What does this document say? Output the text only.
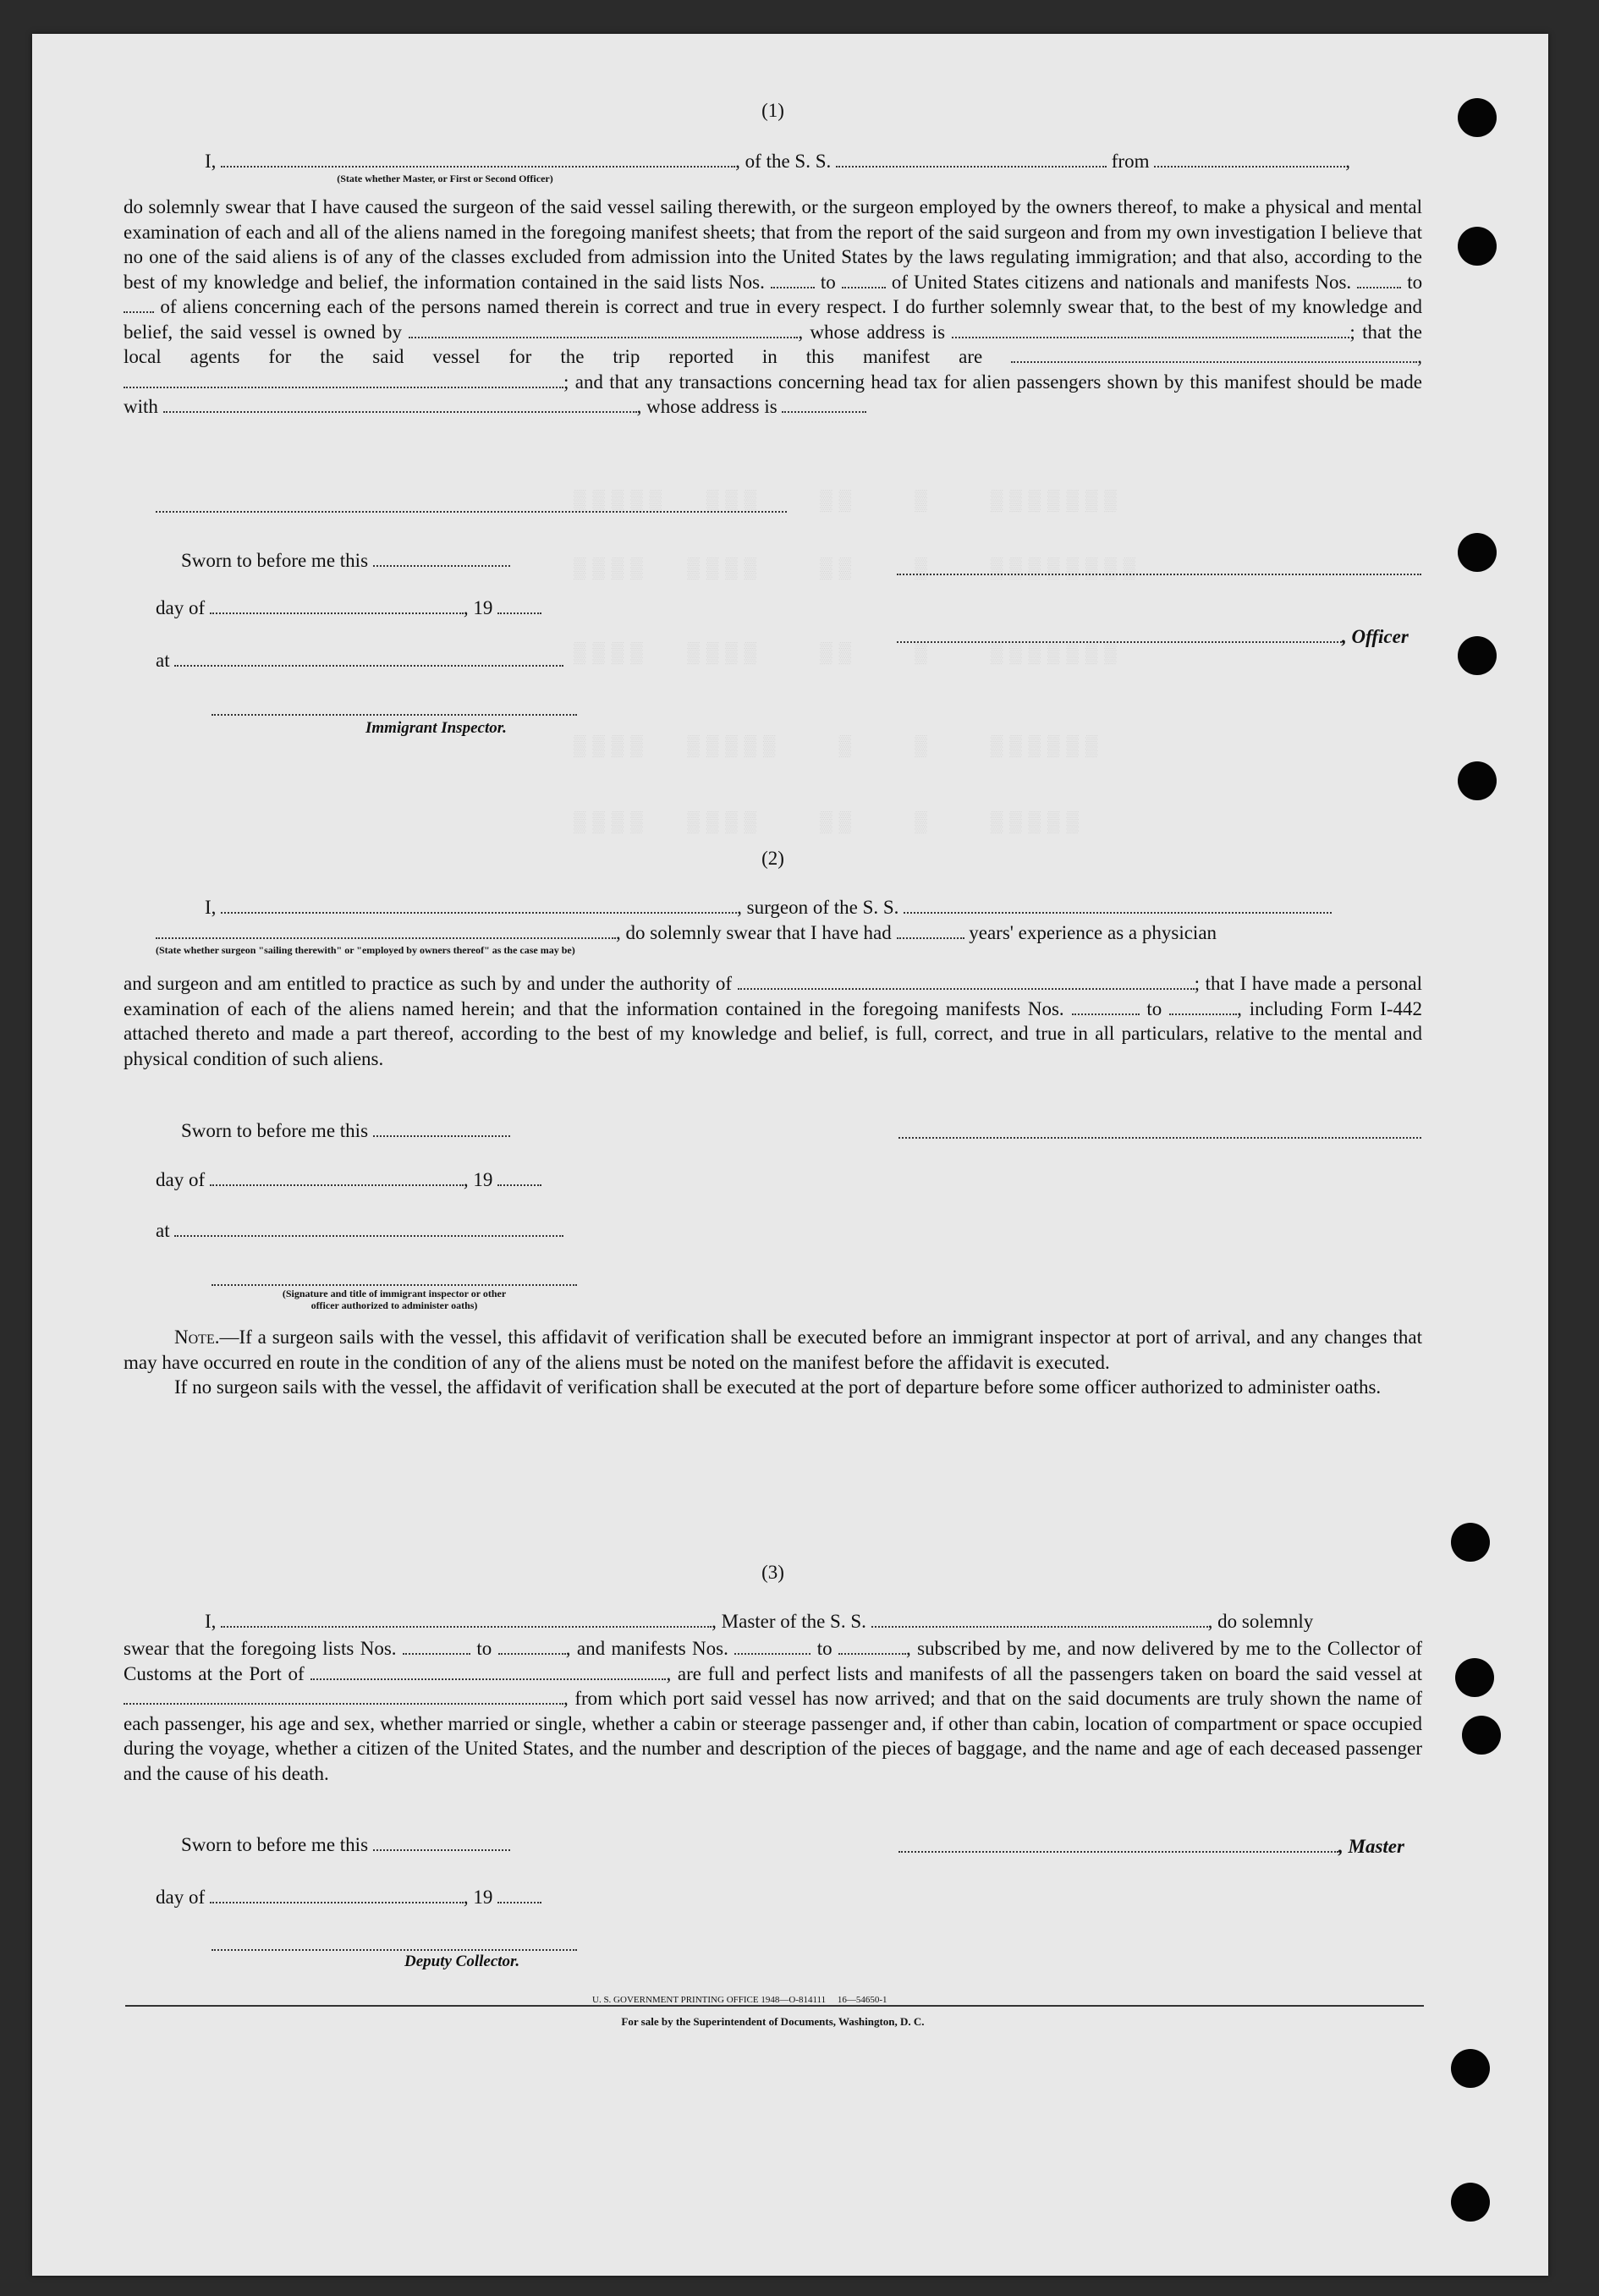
▒▒▒▒▒  ▒▒▒   ▒▒   ▒   ▒▒▒▒▒▒▒
▒▒▒▒  ▒▒▒▒   ▒▒   ▒   ▒▒▒▒▒▒▒▒
▒▒▒▒  ▒▒▒▒   ▒▒   ▒   ▒▒▒▒▒▒▒
▒▒▒▒  ▒▒▒▒▒   ▒   ▒   ▒▒▒▒▒▒
▒▒▒▒  ▒▒▒▒   ▒▒   ▒   ▒▒▒▒▒
(1)
I,	, of the S. S.	from	,
(State whether Master, or First or Second Officer)
do solemnly swear that I have caused the surgeon of the said vessel sailing therewith, or the surgeon employed by the owners thereof, to make a physical and mental examination of each and all of the aliens named in the foregoing manifest sheets; that from the report of the said surgeon and from my own investigation I believe that no one of the said aliens is of any of the classes excluded from admission into the United States by the laws regulating immigration; and that also, according to the best of my knowledge and belief, the information contained in the said lists Nos.	to	of United States citizens and nationals and manifests Nos.	to  of aliens concerning each of the persons named therein is correct and true in every respect. I do further solemnly swear that, to the best of my knowledge and belief, the said vessel is owned by	, whose address is	; that the local agents for the said vessel for the trip reported in this manifest are	, ; and that any transactions concerning head tax for alien passengers shown by this manifest should be made with	, whose address is
Sworn to before me this
day of	, 19
at
Immigrant Inspector.
, Officer
(2)
I,	, surgeon of the S. S.
, do solemnly swear that I have had	years' experience as a physician
(State whether surgeon "sailing therewith" or "employed by owners thereof" as the case may be)
and surgeon and am entitled to practice as such by and under the authority of	; that I have made a personal examination of each of the aliens named herein; and that the information contained in the foregoing manifests Nos.	to	, including Form I-442 attached thereto and made a part thereof, according to the best of my knowledge and belief, is full, correct, and true in all particulars, relative to the mental and physical condition of such aliens.
Sworn to before me this
day of	, 19
at
(Signature and title of immigrant inspector or other officer authorized to administer oaths)

Note.—If a surgeon sails with the vessel, this affidavit of verification shall be executed before an immigrant inspector at port of arrival, and any changes that may have occurred en route in the condition of any of the aliens must be noted on the manifest before the affidavit is executed.

If no surgeon sails with the vessel, the affidavit of verification shall be executed at the port of departure before some officer authorized to administer oaths.

(3)
I,	, Master of the S. S.	, do solemnly
swear that the foregoing lists Nos.	to	, and manifests Nos.	to	, subscribed by me, and now delivered by me to the Collector of Customs at the Port of	, are full and perfect lists and manifests of all the passengers taken on board the said vessel at , from which port said vessel has now arrived; and that on the said documents are truly shown the name of each passenger, his age and sex, whether married or single, whether a cabin or steerage passenger and, if other than cabin, location of compartment or space occupied during the voyage, whether a citizen of the United States, and the number and description of the pieces of baggage, and the name and age of each deceased passenger and the cause of his death.
Sworn to before me this	, Master
day of	, 19
Deputy Collector.
U. S. GOVERNMENT PRINTING OFFICE 1948—O-814111 16—54650-1
For sale by the Superintendent of Documents, Washington, D. C.
